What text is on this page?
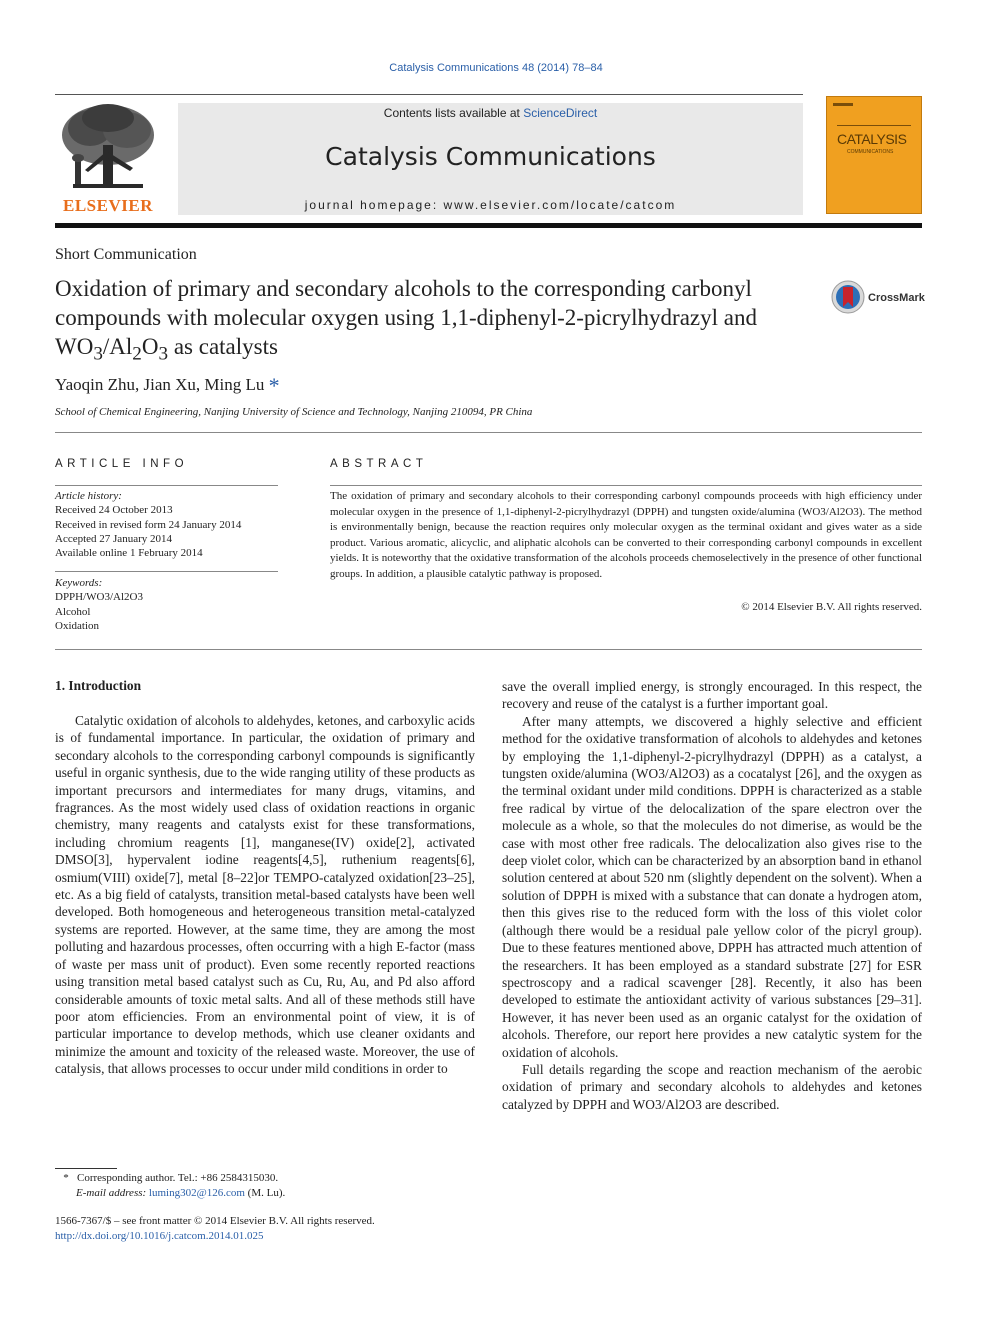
Catalysis Communications 48 (2014) 78–84
ELSEVIER
Contents lists available at ScienceDirect
Catalysis Communications
journal homepage: www.elsevier.com/locate/catcom
CATALYSIS
COMMUNICATIONS
Short Communication
Oxidation of primary and secondary alcohols to the corresponding carbonyl compounds with molecular oxygen using 1,1-diphenyl-2-picrylhydrazyl and $WO_3/Al_2O_3$ as catalysts
CrossMark
Yaoqin Zhu, Jian Xu, Ming Lu *
School of Chemical Engineering, Nanjing University of Science and Technology, Nanjing 210094, PR China
ARTICLE INFO
Article history:
Received 24 October 2013
Received in revised form 24 January 2014
Accepted 27 January 2014
Available online 1 February 2014
Keywords:
DPPH/WO3/Al2O3
Alcohol
Oxidation
ABSTRACT
The oxidation of primary and secondary alcohols to their corresponding carbonyl compounds proceeds with high efficiency under molecular oxygen in the presence of 1,1-diphenyl-2-picrylhydrazyl (DPPH) and tungsten oxide/alumina (WO3/Al2O3). The method is environmentally benign, because the reaction requires only molecular oxygen as the terminal oxidant and gives water as a side product. Various aromatic, alicyclic, and aliphatic alcohols can be converted to their corresponding carbonyl compounds in excellent yields. It is noteworthy that the oxidative transformation of the alcohols proceeds chemoselectively in the presence of other functional groups. In addition, a plausible catalytic pathway is proposed.
© 2014 Elsevier B.V. All rights reserved.
1. Introduction

Catalytic oxidation of alcohols to aldehydes, ketones, and carboxylic acids is of fundamental importance. In particular, the oxidation of primary and secondary alcohols to the corresponding carbonyl compounds is significantly useful in organic synthesis, due to the wide ranging utility of these products as important precursors and intermediates for many drugs, vitamins, and fragrances. As the most widely used class of oxidation reactions in organic chemistry, many reagents and catalysts exist for these transformations, including chromium reagents [1], manganese(IV) oxide[2], activated DMSO[3], hypervalent iodine reagents[4,5], ruthenium reagents[6], osmium(VIII) oxide[7], metal [8–22]or TEMPO-catalyzed oxidation[23–25], etc. As a big field of catalysts, transition metal-based catalysts have been well developed. Both homogeneous and heterogeneous transition metal-catalyzed systems are reported. However, at the same time, they are among the most polluting and hazardous processes, often occurring with a high E-factor (mass of waste per mass unit of product). Even some recently reported reactions using transition metal based catalyst such as Cu, Ru, Au, and Pd also afford considerable amounts of toxic metal salts. And all of these methods still have poor atom efficiencies. From an environmental point of view, it is of particular importance to develop methods, which use cleaner oxidants and minimize the amount and toxicity of the released waste. Moreover, the use of catalysis, that allows processes to occur under mild conditions in order to

save the overall implied energy, is strongly encouraged. In this respect, the recovery and reuse of the catalyst is a further important goal.

After many attempts, we discovered a highly selective and efficient method for the oxidative transformation of alcohols to aldehydes and ketones by employing the 1,1-diphenyl-2-picrylhydrazyl (DPPH) as a catalyst, a tungsten oxide/alumina (WO3/Al2O3) as a cocatalyst [26], and the oxygen as the terminal oxidant under mild conditions. DPPH is characterized as a stable free radical by virtue of the delocalization of the spare electron over the molecule as a whole, so that the molecules do not dimerise, as would be the case with most other free radicals. The delocalization also gives rise to the deep violet color, which can be characterized by an absorption band in ethanol solution centered at about 520 nm (slightly dependent on the solvent). When a solution of DPPH is mixed with a substance that can donate a hydrogen atom, then this gives rise to the reduced form with the loss of this violet color (although there would be a residual pale yellow color of the picryl group). Due to these features mentioned above, DPPH has attracted much attention of the researchers. It has been employed as a standard substrate [27] for ESR spectroscopy and a radical scavenger [28]. Recently, it also has been developed to estimate the antioxidant activity of various substances [29–31]. However, it has never been used as an organic catalyst for the oxidation of alcohols. Therefore, our report here provides a new catalytic system for the oxidation of alcohols.

Full details regarding the scope and reaction mechanism of the aerobic oxidation of primary and secondary alcohols to aldehydes and ketones catalyzed by DPPH and WO3/Al2O3 are described.

* Corresponding author. Tel.: +86 2584315030.
E-mail address: luming302@126.com (M. Lu).
1566-7367/$ – see front matter © 2014 Elsevier B.V. All rights reserved.
http://dx.doi.org/10.1016/j.catcom.2014.01.025
